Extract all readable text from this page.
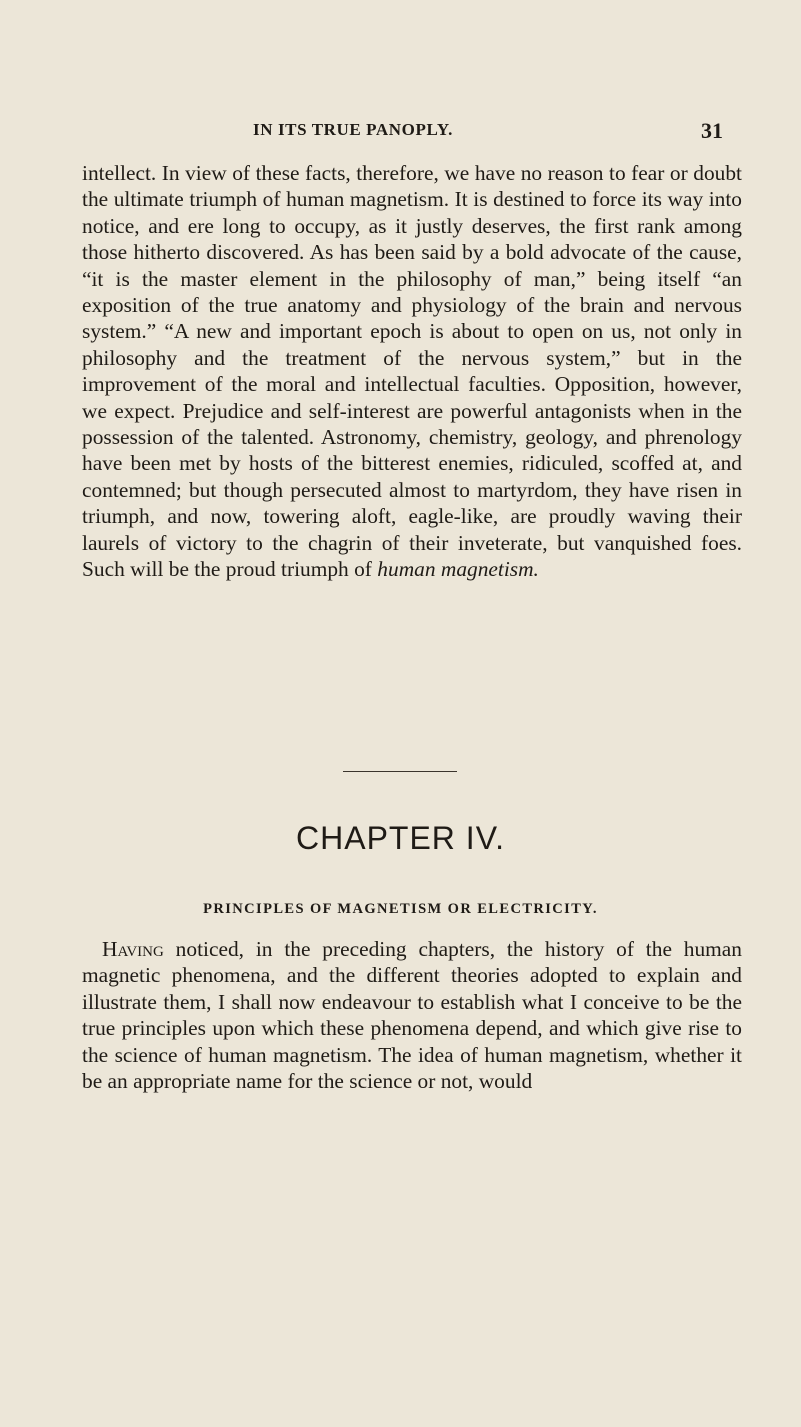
IN ITS TRUE PANOPLY.	31

intellect. In view of these facts, therefore, we have no reason to fear or doubt the ultimate triumph of human magnetism. It is destined to force its way into notice, and ere long to occupy, as it justly deserves, the first rank among those hitherto discovered. As has been said by a bold advocate of the cause, “it is the master element in the philosophy of man,” being itself “an exposition of the true anatomy and physiology of the brain and nervous system.” “A new and important epoch is about to open on us, not only in philosophy and the treatment of the nervous system,” but in the improvement of the moral and intellectual faculties. Opposition, however, we expect. Prejudice and self-interest are powerful antagonists when in the possession of the talented. Astronomy, chemistry, geology, and phrenology have been met by hosts of the bitterest enemies, ridiculed, scoffed at, and contemned; but though persecuted almost to martyrdom, they have risen in triumph, and now, towering aloft, eagle-like, are proudly waving their laurels of victory to the chagrin of their inveterate, but vanquished foes. Such will be the proud triumph of human magnetism.

CHAPTER IV.
PRINCIPLES OF MAGNETISM OR ELECTRICITY.

Having noticed, in the preceding chapters, the history of the human magnetic phenomena, and the different theories adopted to explain and illustrate them, I shall now endeavour to establish what I conceive to be the true principles upon which these phenomena depend, and which give rise to the science of human magnetism. The idea of human magnetism, whether it be an appropriate name for the science or not, would
